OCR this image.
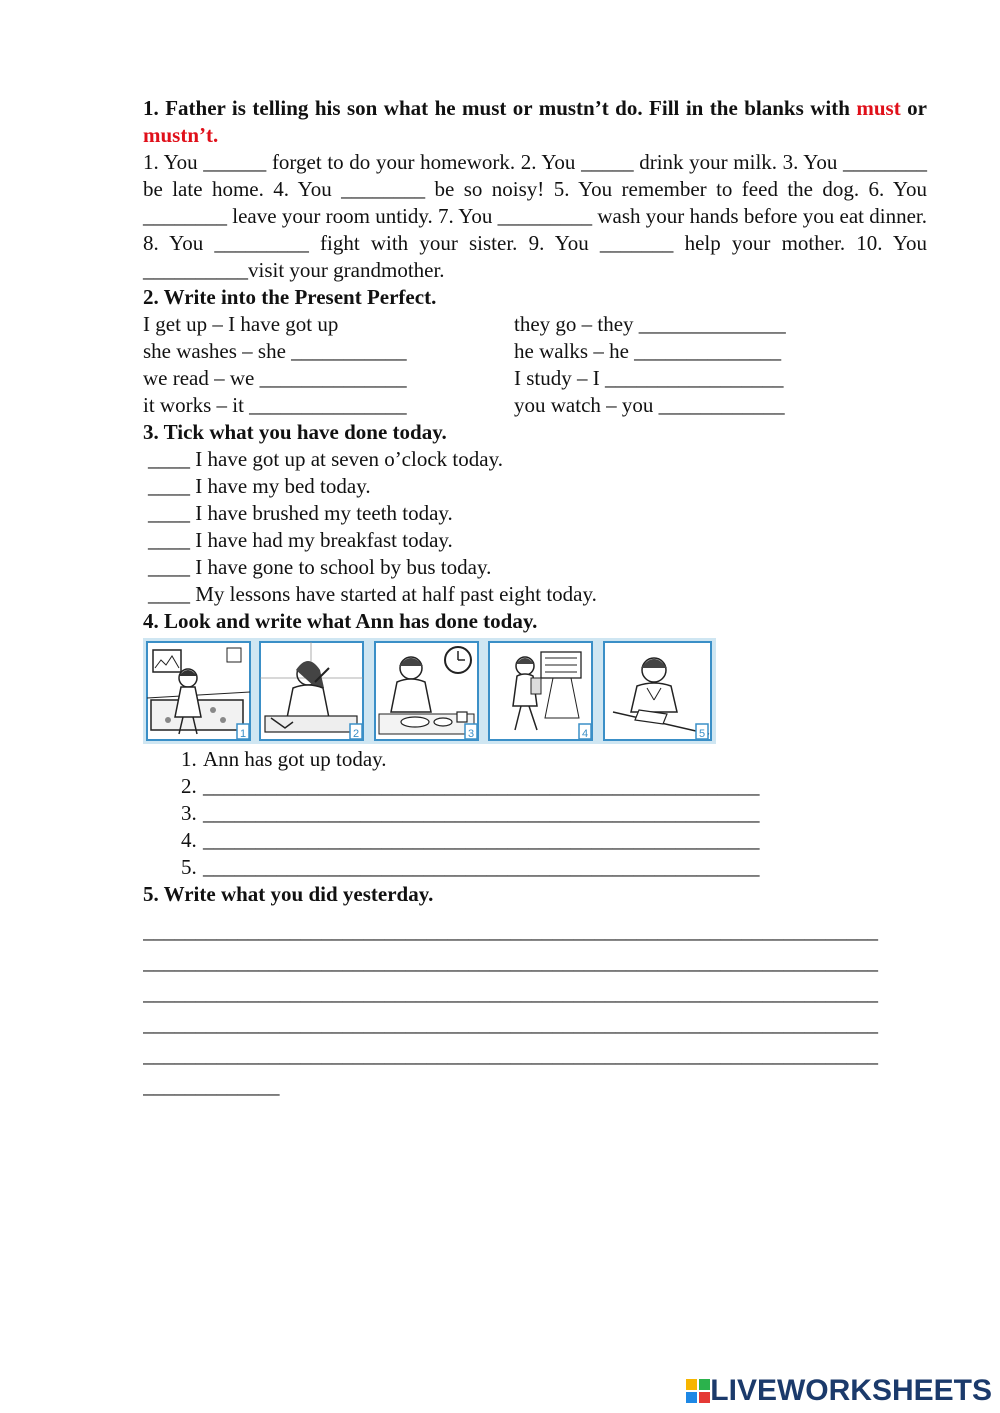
1. Father is telling his son what he must or mustn’t do. Fill in the blanks with must or mustn’t.
1. You ______ forget to do your homework. 2. You _____ drink your milk. 3. You ________ be late home. 4. You ________ be so noisy! 5. You remember to feed the dog. 6. You ________ leave your room untidy. 7. You _________ wash your hands before you eat dinner. 8. You _________ fight with your sister. 9. You _______ help your mother. 10. You __________visit your grandmother.
2. Write into the Present Perfect.
I get up – I have got up	they go – they ______________
she washes – she ___________	he walks – he ______________
we read – we ______________	I study – I _________________
it works – it _______________	you watch – you ____________
3. Tick what you have done today.
____ I have got up at seven o’clock today.
____ I have my bed today.
____ I have brushed my teeth today.
____ I have had my breakfast today.
____ I have gone to school by bus today.
____ My lessons have started at half past eight today.
4. Look and write what Ann has done today.
1	2	3	4	5
1. Ann has got up today.
2. _____________________________________________________
3. _____________________________________________________
4. _____________________________________________________
5. _____________________________________________________
5. Write what you did yesterday.
______________________________________________________________________
______________________________________________________________________
______________________________________________________________________
______________________________________________________________________
______________________________________________________________________
_____________
LIVEWORKSHEETS
